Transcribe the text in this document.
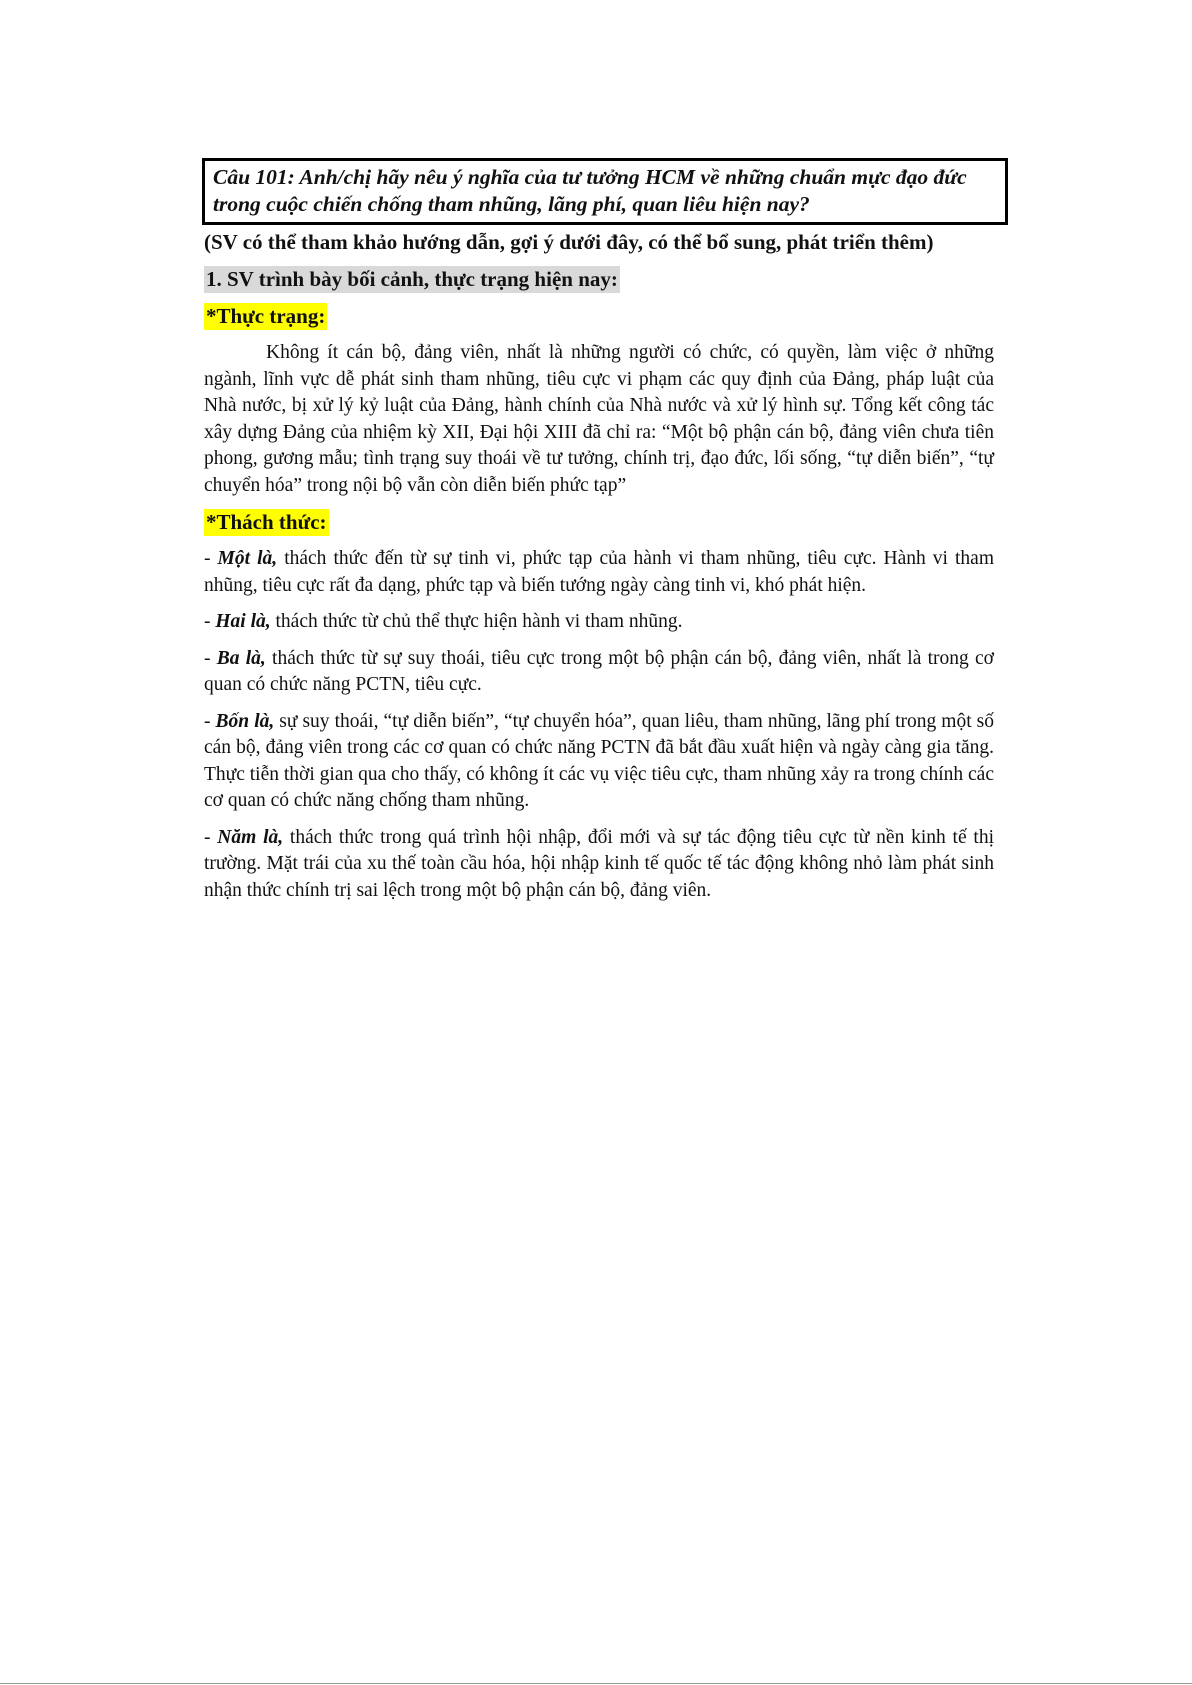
Câu 101: Anh/chị hãy nêu ý nghĩa của tư tưởng HCM về những chuẩn mực đạo đức trong cuộc chiến chống tham nhũng, lãng phí, quan liêu hiện nay?
(SV có thể tham khảo hướng dẫn, gợi ý dưới đây, có thể bổ sung, phát triển thêm)
1. SV trình bày bối cảnh, thực trạng hiện nay:
*Thực trạng:

Không ít cán bộ, đảng viên, nhất là những người có chức, có quyền, làm việc ở những ngành, lĩnh vực dễ phát sinh tham nhũng, tiêu cực vi phạm các quy định của Đảng, pháp luật của Nhà nước, bị xử lý kỷ luật của Đảng, hành chính của Nhà nước và xử lý hình sự. Tổng kết công tác xây dựng Đảng của nhiệm kỳ XII, Đại hội XIII đã chỉ ra: “Một bộ phận cán bộ, đảng viên chưa tiên phong, gương mẫu; tình trạng suy thoái về tư tưởng, chính trị, đạo đức, lối sống, “tự diễn biến”, “tự chuyển hóa” trong nội bộ vẫn còn diễn biến phức tạp”

*Thách thức:

- Một là, thách thức đến từ sự tinh vi, phức tạp của hành vi tham nhũng, tiêu cực. Hành vi tham nhũng, tiêu cực rất đa dạng, phức tạp và biến tướng ngày càng tinh vi, khó phát hiện.

- Hai là, thách thức từ chủ thể thực hiện hành vi tham nhũng.

- Ba là, thách thức từ sự suy thoái, tiêu cực trong một bộ phận cán bộ, đảng viên, nhất là trong cơ quan có chức năng PCTN, tiêu cực.

- Bốn là, sự suy thoái, “tự diễn biến”, “tự chuyển hóa”, quan liêu, tham nhũng, lãng phí trong một số cán bộ, đảng viên trong các cơ quan có chức năng PCTN đã bắt đầu xuất hiện và ngày càng gia tăng. Thực tiễn thời gian qua cho thấy, có không ít các vụ việc tiêu cực, tham nhũng xảy ra trong chính các cơ quan có chức năng chống tham nhũng.

- Năm là, thách thức trong quá trình hội nhập, đổi mới và sự tác động tiêu cực từ nền kinh tế thị trường. Mặt trái của xu thế toàn cầu hóa, hội nhập kinh tế quốc tế tác động không nhỏ làm phát sinh nhận thức chính trị sai lệch trong một bộ phận cán bộ, đảng viên.
